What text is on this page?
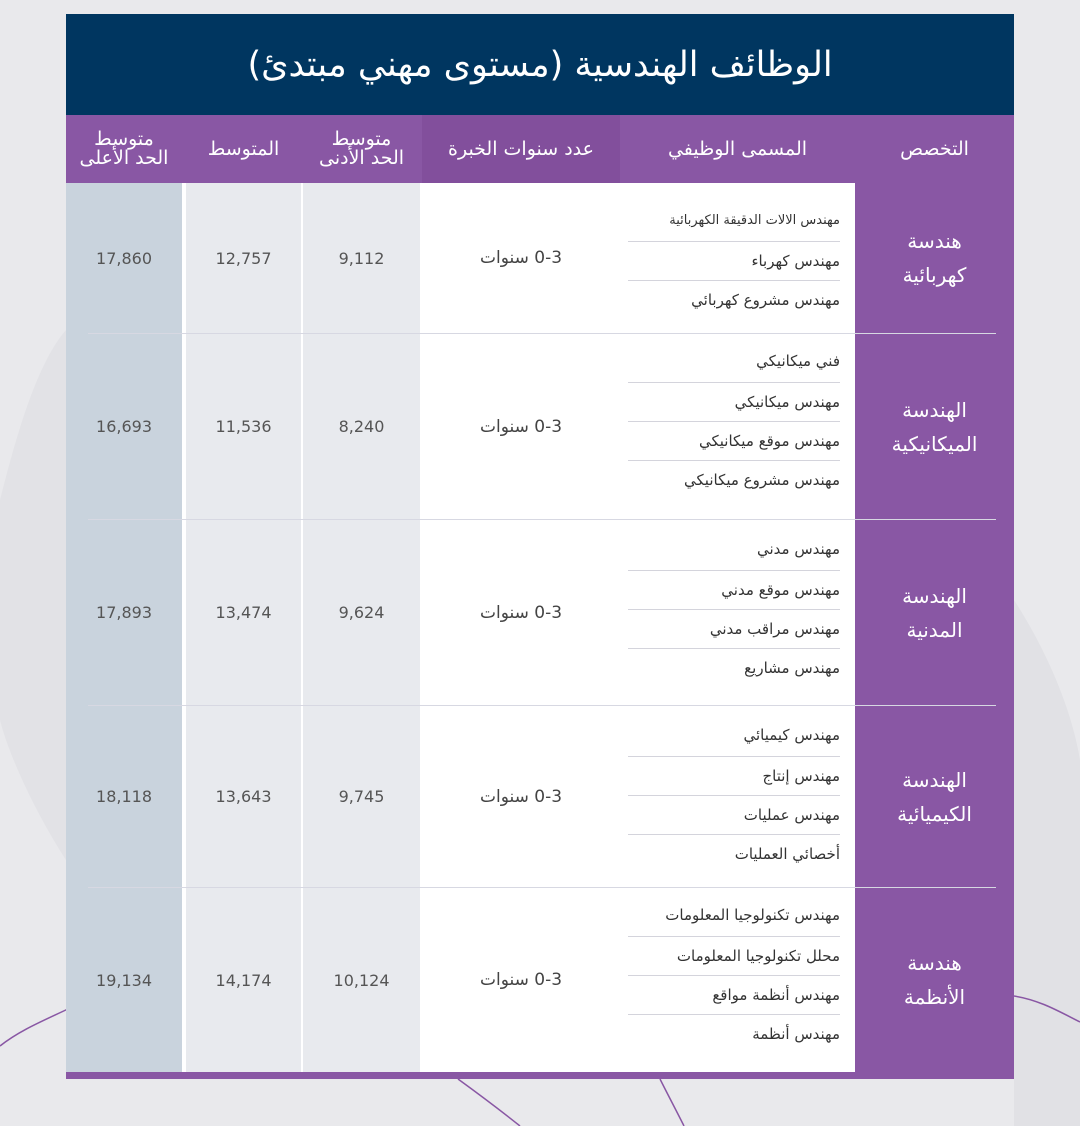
الوظائف الهندسية (مستوى مهني مبتدئ)
التخصص
المسمى الوظيفي
عدد سنوات الخبرة
متوسط
الحد الأدنى
المتوسط
متوسط
الحد الأعلى
هندسة
كهربائية
مهندس الالات الدقيقة الكهربائية
مهندس كهرباء
مهندس مشروع كهربائي
0-3 سنوات
9,112
12,757
17,860
الهندسة
الميكانيكية
فني ميكانيكي
مهندس ميكانيكي
مهندس موقع ميكانيكي
مهندس مشروع ميكانيكي
0-3 سنوات
8,240
11,536
16,693
الهندسة
المدنية
مهندس مدني
مهندس موقع مدني
مهندس مراقب مدني
مهندس مشاريع
0-3 سنوات
9,624
13,474
17,893
الهندسة
الكيميائية
مهندس كيميائي
مهندس إنتاج
مهندس عمليات
أخصائي العمليات
0-3 سنوات
9,745
13,643
18,118
هندسة
الأنظمة
مهندس تكنولوجيا المعلومات
محلل تكنولوجيا المعلومات
مهندس أنظمة مواقع
مهندس أنظمة
0-3 سنوات
10,124
14,174
19,134
